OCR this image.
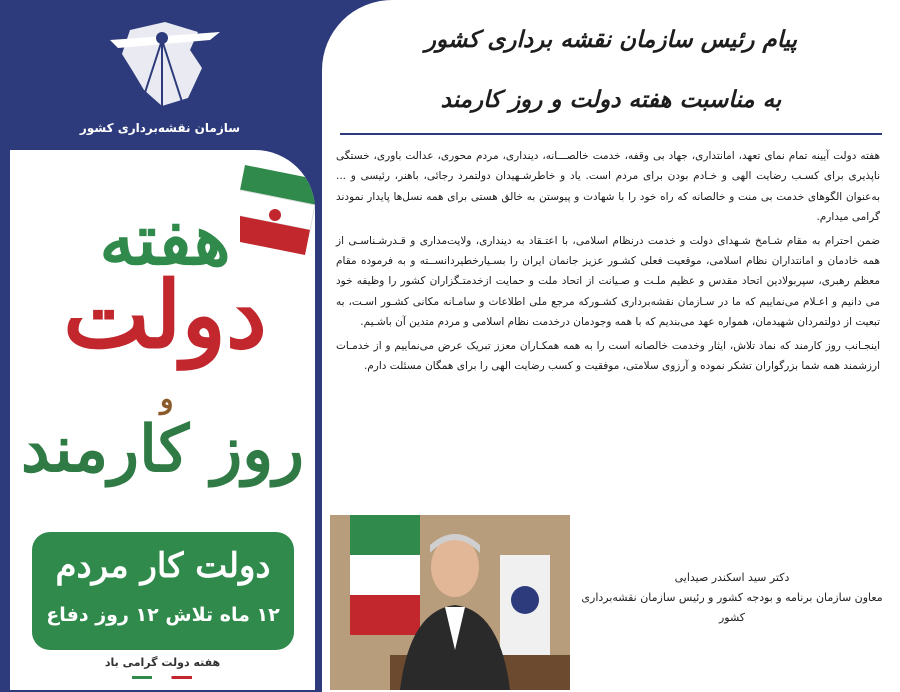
سازمان نقشه‌برداری کشور
هفته
دولت
و
روز کارمند
دولت کار مردم
۱۲ ماه تلاش ۱۲ روز دفاع
هفته دولت گرامی باد
پیام رئیس سازمان نقشه برداری کشور
به مناسبت هفته دولت و روز کارمند

هفته دولت آیینه تمام نمای تعهد، امانتداری، جهاد بی وقفه، خدمت خالصـــانه، دینداری، مردم محوری، عدالت باوری، خستگی ناپذیری برای کسـب رضایت الهی و خـادم بودن برای مردم است. یاد و خاطرشـهیدان دولتمرد رجائی، باهنر، رئیسی و ... به‌عنوان الگوهای خدمت بی منت و خالصانه که راه خود را با شهادت و پیوستن به خالق هستی برای همه نسل‌ها پایدار نمودند گرامی میدارم.

ضمن احترام به مقام شـامخ شـهدای دولت و خدمت درنظام اسلامی، با اعتـقاد به دینداری، ولایت‌مداری و قـدرشـناسـی از همه خادمان و امانتداران نظام اسلامی، موقعیت فعلی کشـور عزیز جانمان ایران را بسـیارخطیردانســته و به فرموده مقام معظم رهبری، سپربولادین اتحاد مقدس و عظیم ملـت و صـیانت از اتحاد ملت و حمایت ازخدمتـگزاران کشور را وظیفه خود می دانیم و اعـلام می‌نماییم که ما در سـازمان نقشه‌برداری کشـورکه مرجع ملی اطلاعات و سامـانه مکانی کشـور اسـت، به تبعیت از دولتمردان شهیدمان، همواره عهد می‌بندیم که با همه وجودمان درخدمت نظام اسلامی و مردم متدین آن باشـیم.

اینجـانب روز کارمند که نماد تلاش، ایثار وخدمت خالصانه است را به همه همکـاران معزز تبریک عرض می‌نماییم و از خدمـات ارزشمند همه شما بزرگواران تشکر نموده و آرزوی سلامتی، موفقیت و کسب رضایت الهی را برای همگان مسئلت دارم.

دکتر سید اسکندر صیدایی
معاون سازمان برنامه و بودجه کشور و رئیس سازمان نقشه‌برداری کشور
